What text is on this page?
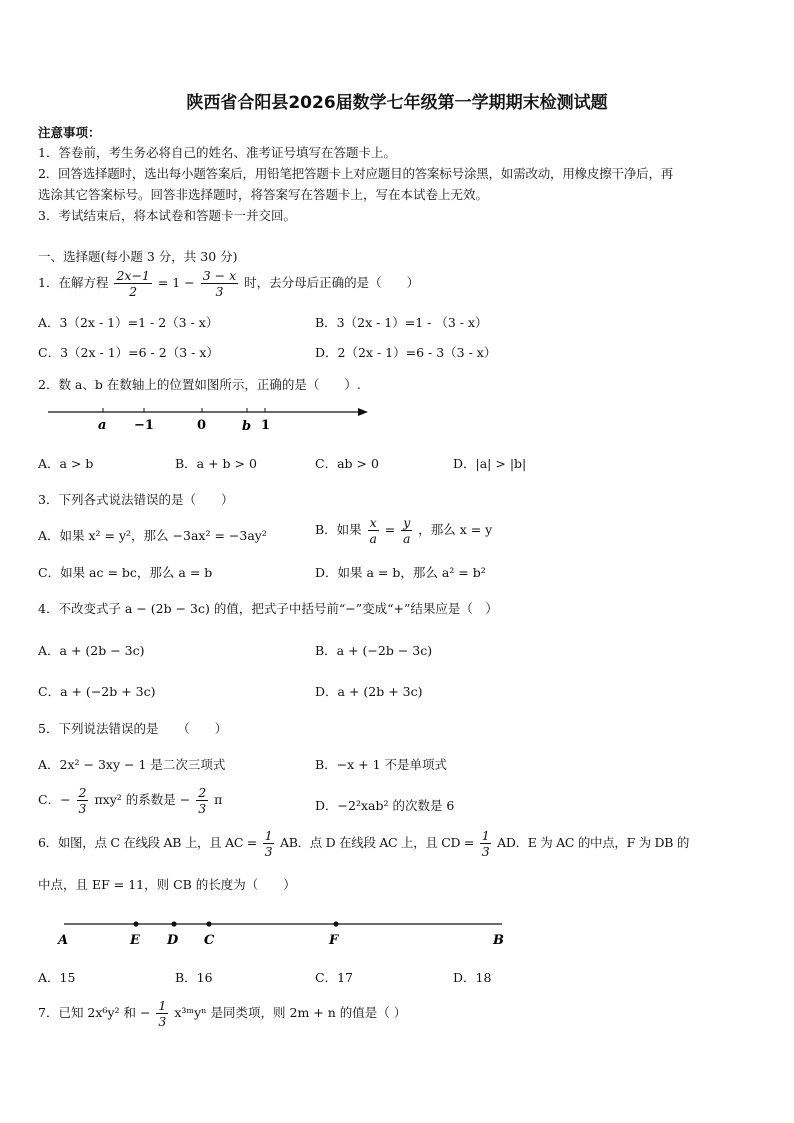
陕西省合阳县2026届数学七年级第一学期期末检测试题
注意事项：
1．答卷前，考生务必将自己的姓名、准考证号填写在答题卡上。
2．回答选择题时，选出每小题答案后，用铅笔把答题卡上对应题目的答案标号涂黑，如需改动，用橡皮擦干净后，再
选涂其它答案标号。回答非选择题时，将答案写在答题卡上，写在本试卷上无效。
3．考试结束后，将本试卷和答题卡一并交回。
一、选择题(每小题 3 分，共 30 分)
1．在解方程 $\frac{2x-1}{2} = 1 - \frac{3 - x}{3}$ 时，去分母后正确的是（　　）
A．3（2x - 1）=1 - 2（3 - x）	B．3（2x - 1）=1 - （3 - x）
C．3（2x - 1）=6 - 2（3 - x）	D．2（2x - 1）=6 - 3（3 - x）
2．数 a、b 在数轴上的位置如图所示，正确的是（　　）.
a −1	0	b 1
A．a > b	B．a + b > 0	C．ab > 0	D．|a| > |b|
3．下列各式说法错误的是（　　）
A．如果 x² = y²，那么 −3ax² = −3ay²	B．如果 $\frac{x}{a} = \frac{y}{a}$ ，那么 x = y
C．如果 ac = bc，那么 a = b	D．如果 a = b，那么 a² = b²
4．不改变式子 a − (2b − 3c) 的值，把式子中括号前“−”变成“+”结果应是（　）
A．a + (2b − 3c)	B．a + (−2b − 3c)
C．a + (−2b + 3c)	D．a + (2b + 3c)
5．下列说法错误的是　　（　　）
A．2x² − 3xy − 1 是二次三项式	B．−x + 1 不是单项式
C．− $\frac{2}{3} \pi xy^2$ 的系数是 − $\frac{2}{3}$ π	D．−2²xab² 的次数是 6
6．如图，点 C 在线段 AB 上，且 AC = $\frac{1}{3}$ AB．点 D 在线段 AC 上，且 CD = $\frac{1}{3}$ AD．E 为 AC 的中点，F 为 DB 的
中点，且 EF = 11，则 CB 的长度为（　　）
A	E D C	F	B
A．15	B．16	C．17	D．18
7．已知 2x⁶y² 和 − $\frac{1}{3}$ x³ᵐyⁿ 是同类项，则 2m + n 的值是（ ）
